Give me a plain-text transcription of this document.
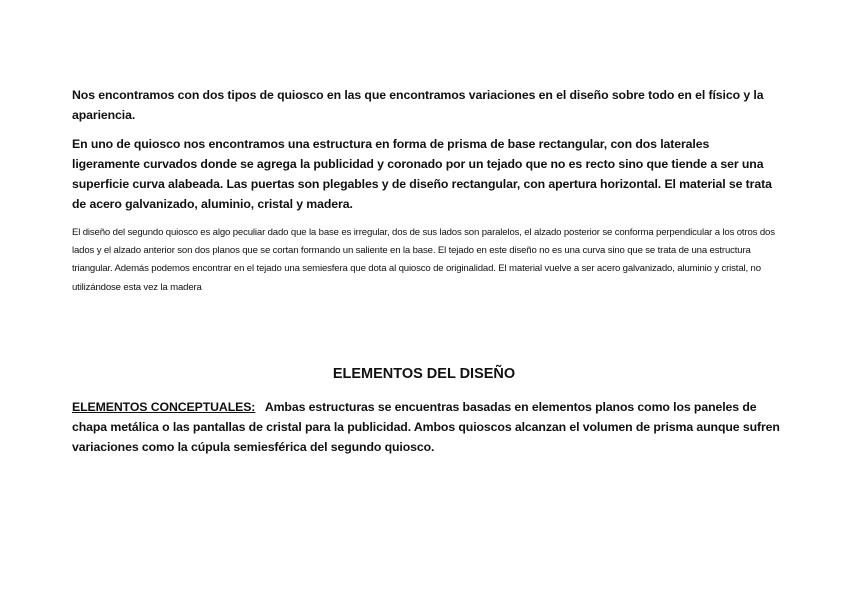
Nos encontramos con dos tipos de quiosco en las que encontramos variaciones en el diseño sobre todo en el físico y la apariencia.

En uno de quiosco nos encontramos una estructura en forma de prisma de base rectangular, con dos laterales ligeramente curvados donde se agrega la publicidad y coronado por un tejado que no es recto sino que tiende a ser una superficie curva alabeada. Las puertas son plegables y de diseño rectangular, con apertura horizontal. El material se trata de acero galvanizado, aluminio, cristal y madera.

El diseño del segundo quiosco es algo peculiar dado que la base es irregular, dos de sus lados son paralelos, el alzado posterior se conforma perpendicular a los otros dos lados y el alzado anterior son dos planos que se cortan formando un saliente en la base. El tejado en este diseño no es una curva sino que se trata de una estructura triangular. Además podemos encontrar en el tejado una semiesfera que dota al quiosco de originalidad. El material vuelve a ser acero galvanizado, aluminio y cristal, no utilizándose esta vez la madera

ELEMENTOS DEL DISEÑO

ELEMENTOS CONCEPTUALES: Ambas estructuras se encuentras basadas en elementos planos como los paneles de chapa metálica o las pantallas de cristal para la publicidad. Ambos quioscos alcanzan el volumen de prisma aunque sufren variaciones como la cúpula semiesférica del segundo quiosco.
